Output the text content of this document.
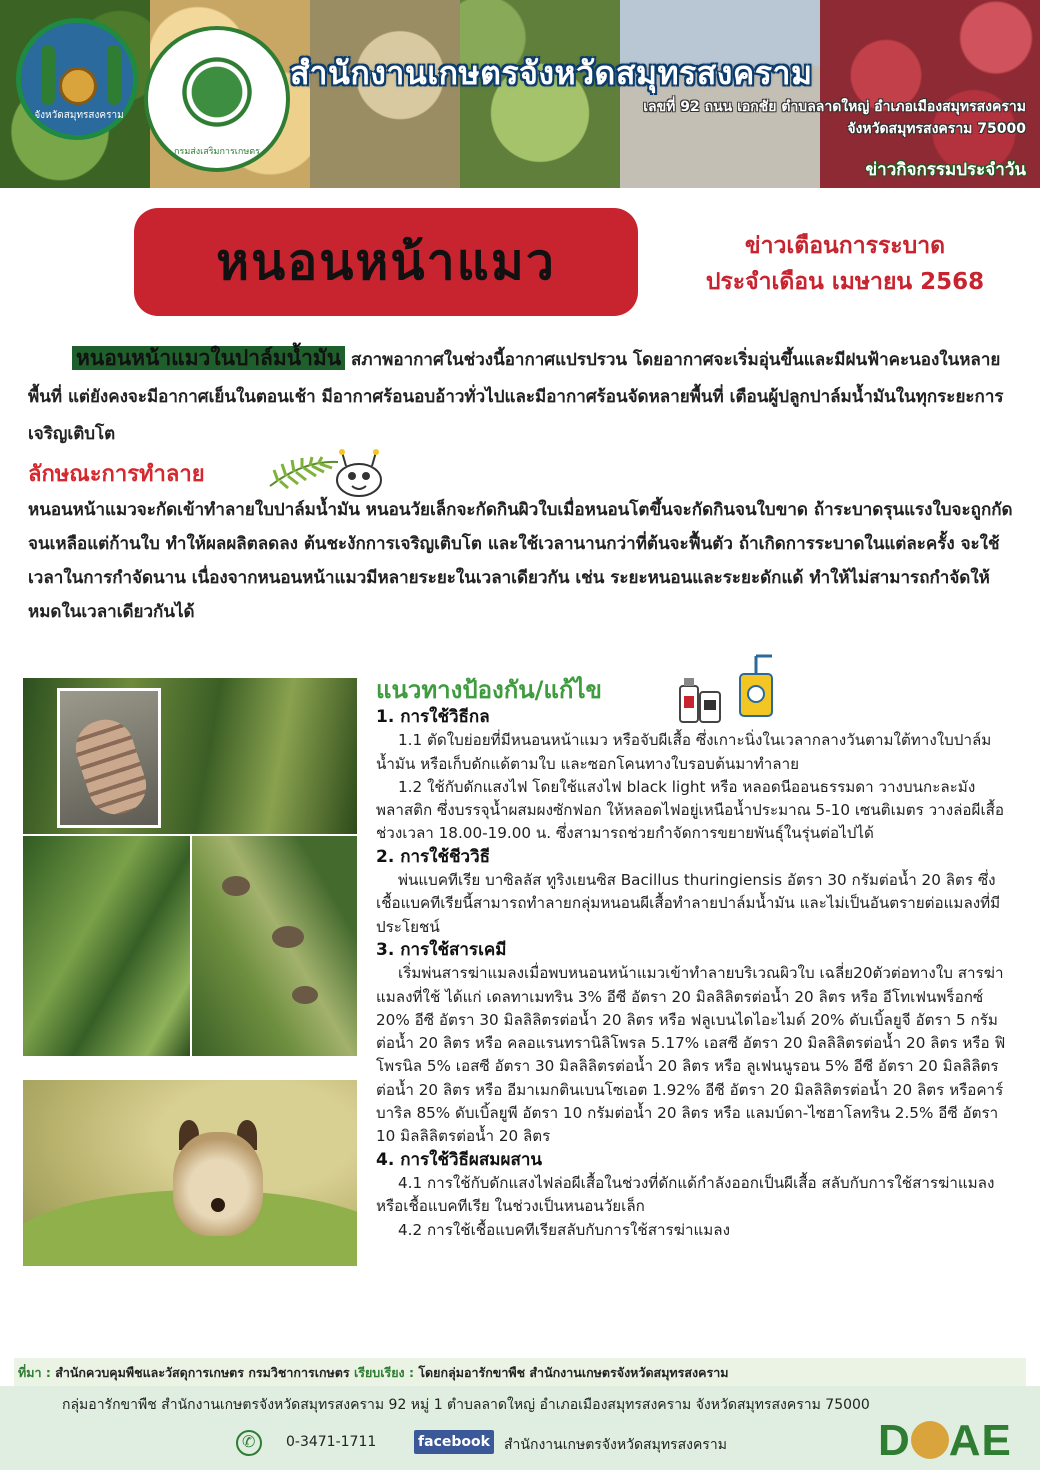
จังหวัดสมุทรสงคราม
กรมส่งเสริมการเกษตร
สำนักงานเกษตรจังหวัดสมุทรสงคราม
เลขที่ 92 ถนน เอกชัย ตำบลลาดใหญ่ อำเภอเมืองสมุทรสงคราม
จังหวัดสมุทรสงคราม 75000
ข่าวกิจกรรมประจำวัน
หนอนหน้าแมว	ข่าวเตือนการระบาด
ประจำเดือน เมษายน 2568
หนอนหน้าแมวในปาล์มน้ำมัน สภาพอากาศในช่วงนี้อากาศแปรปรวน โดยอากาศจะเริ่มอุ่นขึ้นและมีฝนฟ้าคะนองในหลายพื้นที่ แต่ยังคงจะมีอากาศเย็นในตอนเช้า มีอากาศร้อนอบอ้าวทั่วไปและมีอากาศร้อนจัดหลายพื้นที่ เตือนผู้ปลูกปาล์มน้ำมันในทุกระยะการเจริญเติบโต
ลักษณะการทำลาย
หนอนหน้าแมวจะกัดเข้าทำลายใบปาล์มน้ำมัน หนอนวัยเล็กจะกัดกินผิวใบเมื่อหนอนโตขึ้นจะกัดกินจนใบขาด ถ้าระบาดรุนแรงใบจะถูกกัดจนเหลือแต่ก้านใบ ทำให้ผลผลิตลดลง ต้นชะงักการเจริญเติบโต และใช้เวลานานกว่าที่ต้นจะฟื้นตัว ถ้าเกิดการระบาดในแต่ละครั้ง จะใช้เวลาในการกำจัดนาน เนื่องจากหนอนหน้าแมวมีหลายระยะในเวลาเดียวกัน เช่น ระยะหนอนและระยะดักแด้ ทำให้ไม่สามารถกำจัดให้หมดในเวลาเดียวกันได้
แนวทางป้องกัน/แก้ไข
1. การใช้วิธีกล
1.1 ตัดใบย่อยที่มีหนอนหน้าแมว หรือจับผีเสื้อ ซึ่งเกาะนิ่งในเวลากลางวันตามใต้ทางใบปาล์มน้ำมัน หรือเก็บดักแด้ตามใบ และซอกโคนทางใบรอบต้นมาทำลาย
1.2 ใช้กับดักแสงไฟ โดยใช้แสงไฟ black light หรือ หลอดนีออนธรรมดา วางบนกะละมังพลาสติก ซึ่งบรรจุน้ำผสมผงซักฟอก ให้หลอดไฟอยู่เหนือน้ำประมาณ 5-10 เซนติเมตร วางล่อผีเสื้อช่วงเวลา 18.00-19.00 น. ซึ่งสามารถช่วยกำจัดการขยายพันธุ์ในรุ่นต่อไปได้
2. การใช้ชีววิธี
พ่นแบคทีเรีย บาซิลลัส ทูริงเยนซิส Bacillus thuringiensis อัตรา 30 กรัมต่อน้ำ 20 ลิตร ซึ่งเชื้อแบคทีเรียนี้สามารถทำลายกลุ่มหนอนผีเสื้อทำลายปาล์มน้ำมัน และไม่เป็นอันตรายต่อแมลงที่มีประโยชน์
3. การใช้สารเคมี
เริ่มพ่นสารฆ่าแมลงเมื่อพบหนอนหน้าแมวเข้าทำลายบริเวณผิวใบ เฉลี่ย20ตัวต่อทางใบ สารฆ่าแมลงที่ใช้ ได้แก่ เดลทาเมทริน 3% อีซี อัตรา 20 มิลลิลิตรต่อน้ำ 20 ลิตร หรือ อีโทเฟนพร็อกซ์ 20% อีซี อัตรา 30 มิลลิลิตรต่อน้ำ 20 ลิตร หรือ ฟลูเบนไดไอะไมด์ 20% ดับเบิ้ลยูจี อัตรา 5 กรัมต่อน้ำ 20 ลิตร หรือ คลอแรนทรานิลิโพรล 5.17% เอสซี อัตรา 20 มิลลิลิตรต่อน้ำ 20 ลิตร หรือ ฟิโพรนิล 5% เอสซี อัตรา 30 มิลลิลิตรต่อน้ำ 20 ลิตร หรือ ลูเฟนนูรอน 5% อีซี อัตรา 20 มิลลิลิตรต่อน้ำ 20 ลิตร หรือ อีมาเมกตินเบนโซเอต 1.92% อีซี อัตรา 20 มิลลิลิตรต่อน้ำ 20 ลิตร หรือคาร์บาริล 85% ดับเบิ้ลยูพี อัตรา 10 กรัมต่อน้ำ 20 ลิตร หรือ แลมบ์ดา-ไซฮาโลทริน 2.5% อีซี อัตรา 10 มิลลิลิตรต่อน้ำ 20 ลิตร
4. การใช้วิธีผสมผสาน
4.1 การใช้กับดักแสงไฟล่อผีเสื้อในช่วงที่ดักแด้กำลังออกเป็นผีเสื้อ สลับกับการใช้สารฆ่าแมลงหรือเชื้อแบคทีเรีย ในช่วงเป็นหนอนวัยเล็ก
4.2 การใช้เชื้อแบคทีเรียสลับกับการใช้สารฆ่าแมลง
ที่มา : สำนักควบคุมพืชและวัสดุการเกษตร กรมวิชาการเกษตร เรียบเรียง : โดยกลุ่มอารักขาพืช สำนักงานเกษตรจังหวัดสมุทรสงคราม
กลุ่มอารักขาพืช สำนักงานเกษตรจังหวัดสมุทรสงคราม 92 หมู่ 1 ตำบลลาดใหญ่ อำเภอเมืองสมุทรสงคราม จังหวัดสมุทรสงคราม 75000
✆
0-3471-1711	facebook สำนักงานเกษตรจังหวัดสมุทรสงคราม	D AE
